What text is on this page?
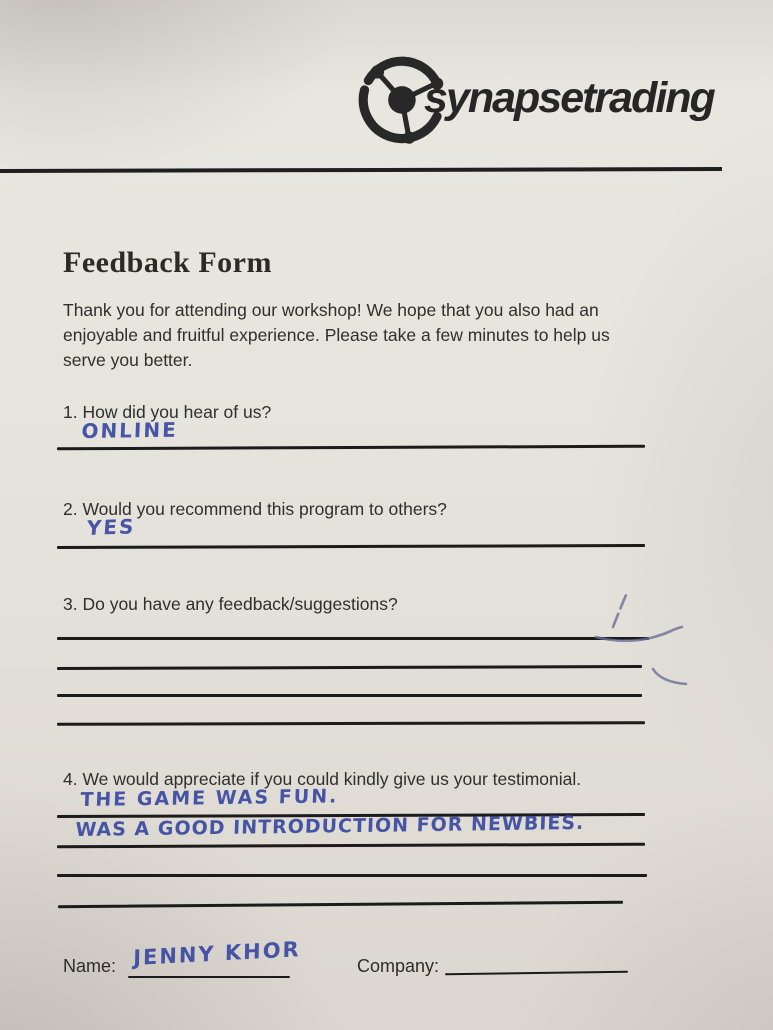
synapsetrading
Feedback Form
Thank you for attending our workshop! We hope that you also had an enjoyable and fruitful experience. Please take a few minutes to help us serve you better.
1. How did you hear of us?
ONLINE
2. Would you recommend this program to others?
YES
3. Do you have any feedback/suggestions?
4. We would appreciate if you could kindly give us your testimonial.
THE GAME WAS FUN.
WAS A GOOD INTRODUCTION FOR NEWBIES.
Name: JENNY KHOR	Company:
